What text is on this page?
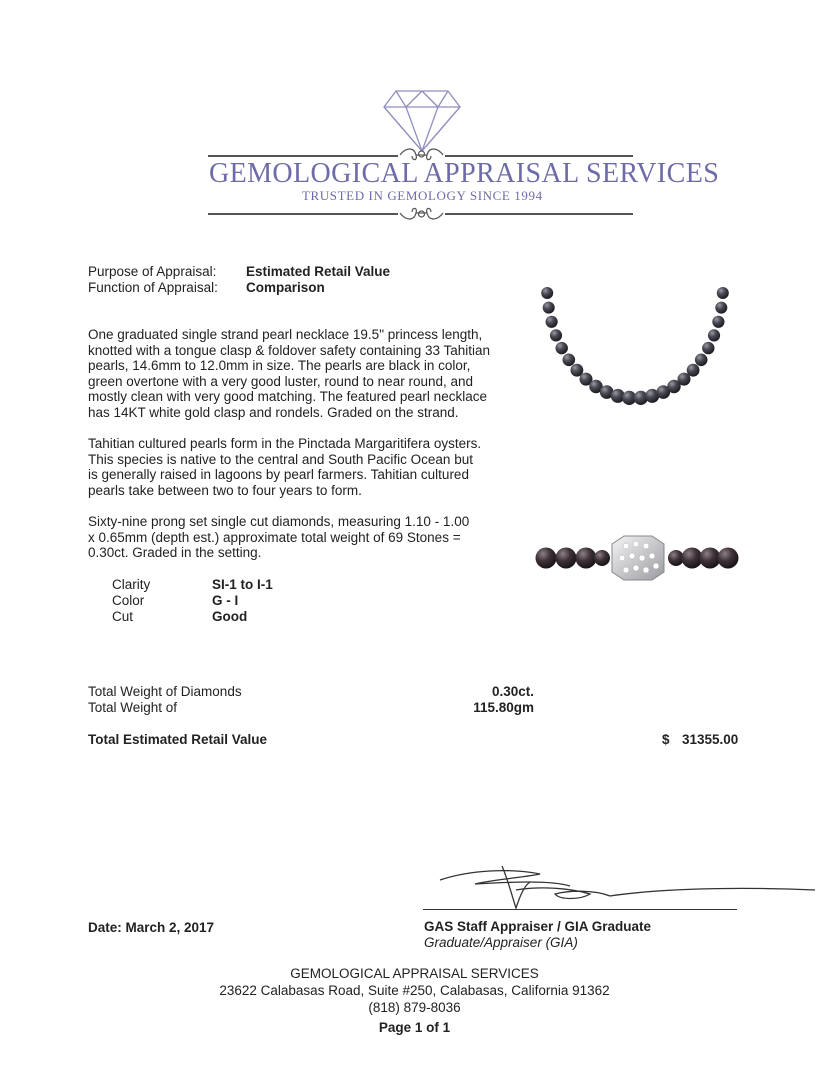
GEMOLOGICAL APPRAISAL SERVICES
TRUSTED IN GEMOLOGY SINCE 1994
Purpose of Appraisal: Estimated Retail Value
Function of Appraisal: Comparison
One graduated single strand pearl necklace 19.5" princess length,
knotted with a tongue clasp & foldover safety containing 33 Tahitian
pearls, 14.6mm to 12.0mm in size. The pearls are black in color,
green overtone with a very good luster, round to near round, and
mostly clean with very good matching. The featured pearl necklace
has 14KT white gold clasp and rondels. Graded on the strand.
Tahitian cultured pearls form in the Pinctada Margaritifera oysters.
This species is native to the central and South Pacific Ocean but
is generally raised in lagoons by pearl farmers. Tahitian cultured
pearls take between two to four years to form.
Sixty-nine prong set single cut diamonds, measuring 1.10 - 1.00
x 0.65mm (depth est.) approximate total weight of 69 Stones =
0.30ct. Graded in the setting.
Clarity	SI-1 to I-1
Color	G - I
Cut	Good
Total Weight of Diamonds	0.30ct.
Total Weight of	115.80gm
Total Estimated Retail Value	$ 31355.00
Date: March 2, 2017	GAS Staff Appraiser / GIA Graduate
Graduate/Appraiser (GIA)
GEMOLOGICAL APPRAISAL SERVICES
23622 Calabasas Road, Suite #250, Calabasas, California 91362
(818) 879-8036
Page 1 of 1
